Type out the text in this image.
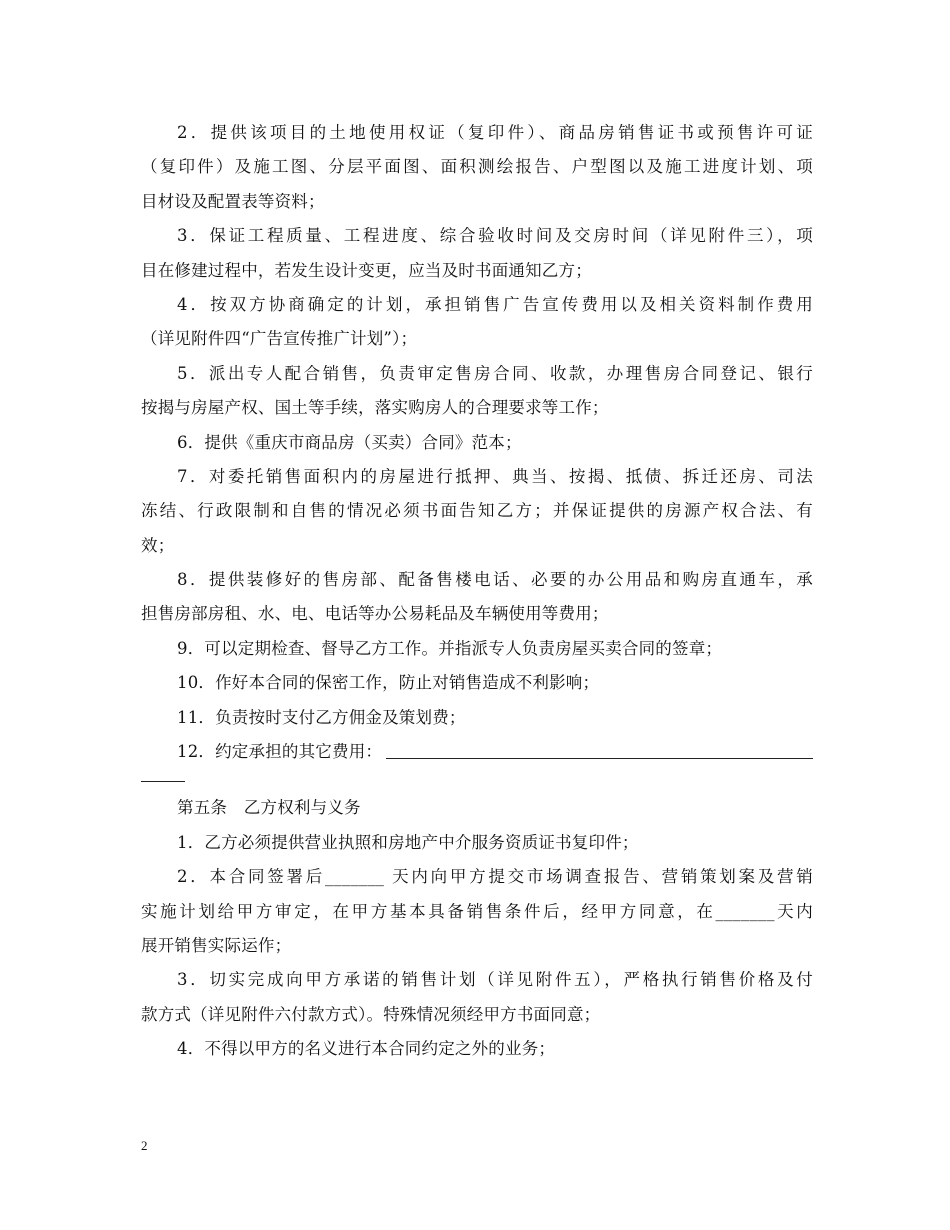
2．提供该项目的土地使用权证（复印件）、商品房销售证书或预售许可证
（复印件）及施工图、分层平面图、面积测绘报告、户型图以及施工进度计划、项
目材设及配置表等资料；
3．保证工程质量、工程进度、综合验收时间及交房时间（详见附件三），项
目在修建过程中，若发生设计变更，应当及时书面通知乙方；
4．按双方协商确定的计划，承担销售广告宣传费用以及相关资料制作费用
（详见附件四“广告宣传推广计划”）；
5．派出专人配合销售，负责审定售房合同、收款，办理售房合同登记、银行
按揭与房屋产权、国土等手续，落实购房人的合理要求等工作；
6．提供《重庆市商品房（买卖）合同》范本；
7．对委托销售面积内的房屋进行抵押、典当、按揭、抵债、拆迁还房、司法
冻结、行政限制和自售的情况必须书面告知乙方；并保证提供的房源产权合法、有
效；
8．提供装修好的售房部、配备售楼电话、必要的办公用品和购房直通车，承
担售房部房租、水、电、电话等办公易耗品及车辆使用等费用；
9．可以定期检查、督导乙方工作。并指派专人负责房屋买卖合同的签章；
10．作好本合同的保密工作，防止对销售造成不利影响；
11．负责按时支付乙方佣金及策划费；
12．约定承担的其它费用：
第五条　乙方权利与义务
1．乙方必须提供营业执照和房地产中介服务资质证书复印件；
2．本合同签署后_______ 天内向甲方提交市场调查报告、营销策划案及营销
实施计划给甲方审定，在甲方基本具备销售条件后，经甲方同意，在_______天内
展开销售实际运作；
3．切实完成向甲方承诺的销售计划（详见附件五），严格执行销售价格及付
款方式（详见附件六付款方式）。特殊情况须经甲方书面同意；
4．不得以甲方的名义进行本合同约定之外的业务；
2
